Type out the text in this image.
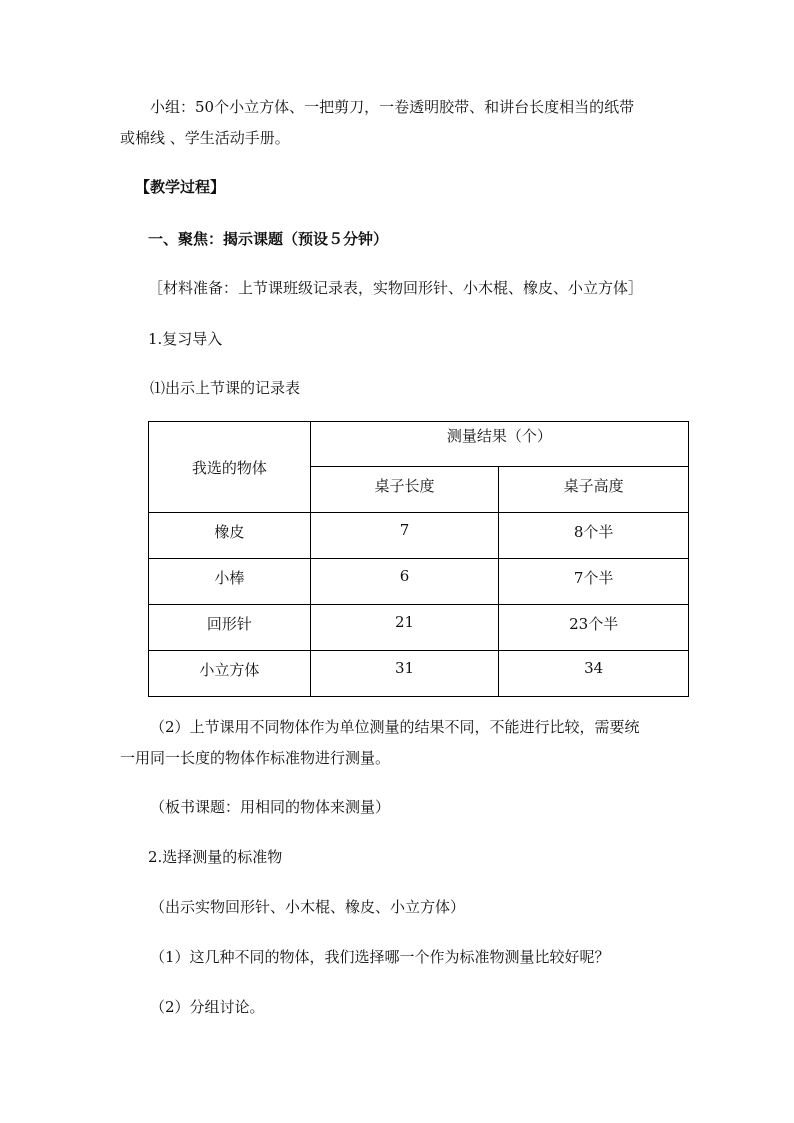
小组：50个小立方体、一把剪刀，一卷透明胶带、和讲台长度相当的纸带
或棉线 、学生活动手册。
【教学过程】
一、聚焦：揭示课题（预设５分钟）
［材料准备：上节课班级记录表，实物回形针、小木棍、橡皮、小立方体］
1.复习导入
⑴出示上节课的记录表
我选的物体	测量结果（个）	
	桌子长度	桌子高度
橡皮	7	8个半
小棒	6	7个半
回形针	21	23个半
小立方体	31	34
（2）上节课用不同物体作为单位测量的结果不同，不能进行比较，需要统
一用同一长度的物体作标准物进行测量。
（板书课题：用相同的物体来测量）
2.选择测量的标准物
（出示实物回形针、小木棍、橡皮、小立方体）
（1）这几种不同的物体，我们选择哪一个作为标准物测量比较好呢？
（2）分组讨论。
